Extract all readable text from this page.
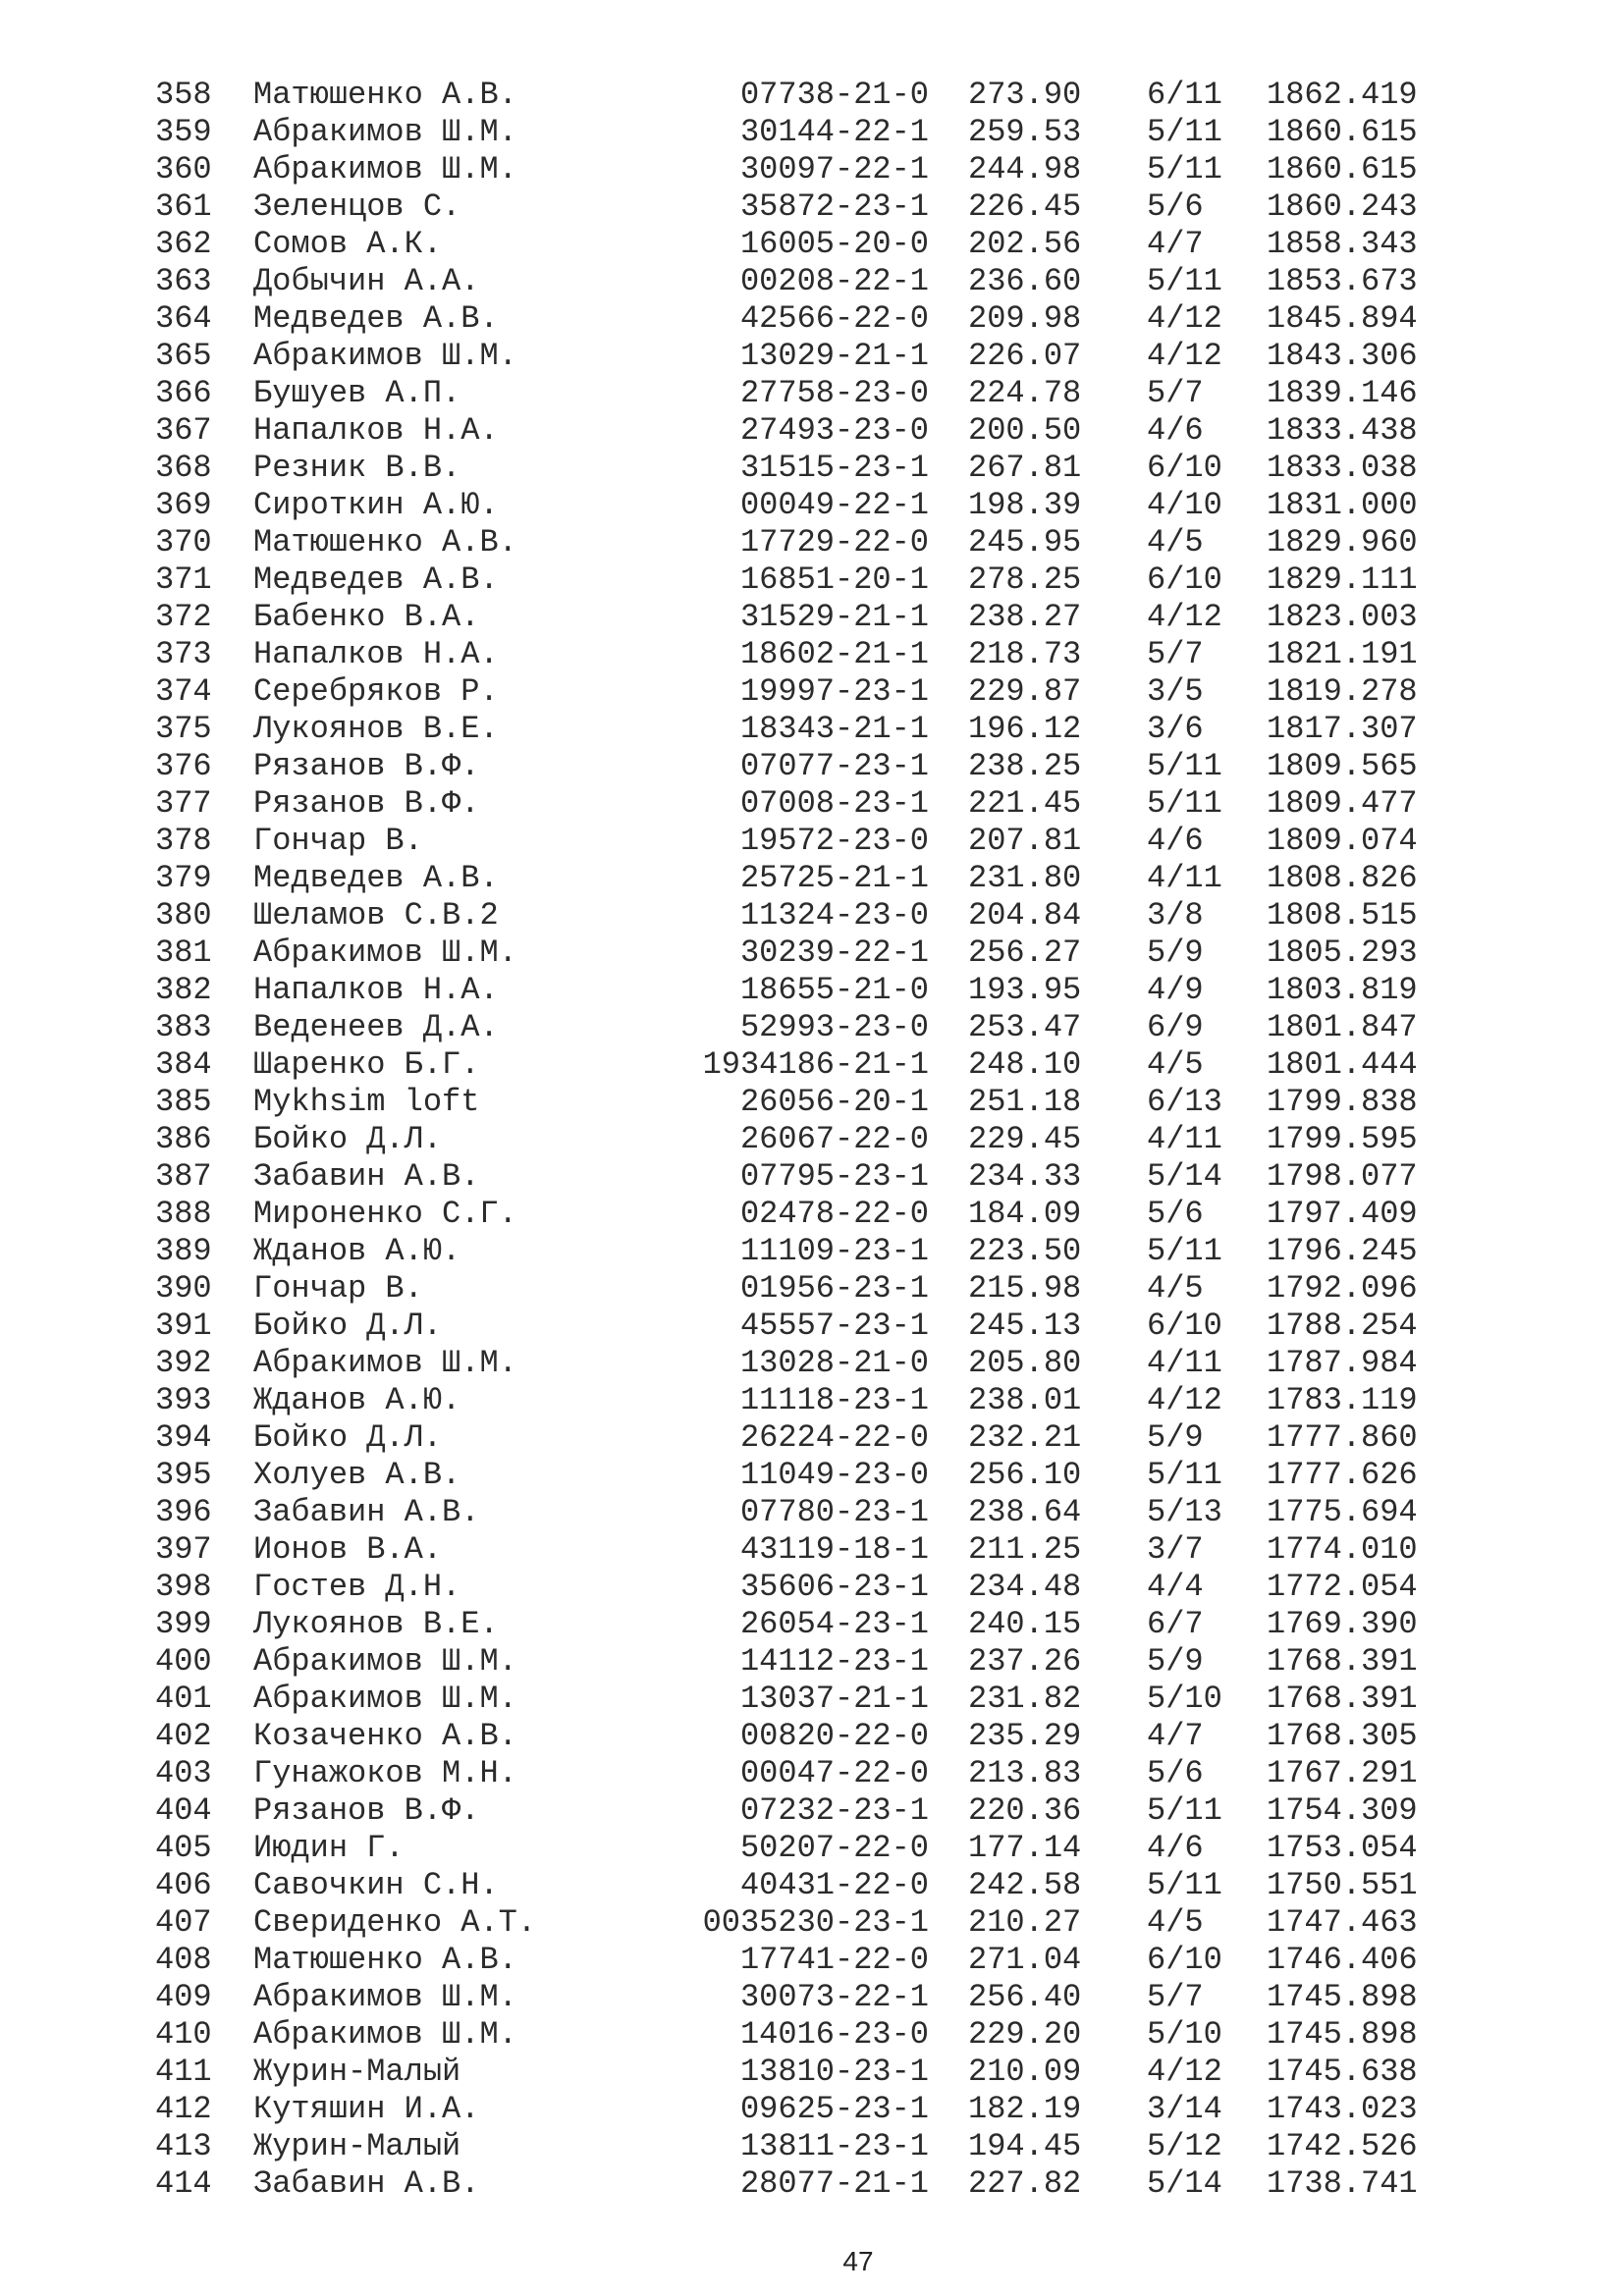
358 Матюшенко А.В.	07738-21-0 273.90 6/11 1862.419
359 Абракимов Ш.М.	30144-22-1 259.53 5/11 1860.615
360 Абракимов Ш.М.	30097-22-1 244.98 5/11 1860.615
361 Зеленцов С.	35872-23-1 226.45 5/6 1860.243
362 Сомов А.К.	16005-20-0 202.56 4/7 1858.343
363 Добычин А.А.	00208-22-1 236.60 5/11 1853.673
364 Медведев А.В.	42566-22-0 209.98 4/12 1845.894
365 Абракимов Ш.М.	13029-21-1 226.07 4/12 1843.306
366 Бушуев А.П.	27758-23-0 224.78 5/7 1839.146
367 Напалков Н.А.	27493-23-0 200.50 4/6 1833.438
368 Резник В.В.	31515-23-1 267.81 6/10 1833.038
369 Сироткин А.Ю.	00049-22-1 198.39 4/10 1831.000
370 Матюшенко А.В.	17729-22-0 245.95 4/5 1829.960
371 Медведев А.В.	16851-20-1 278.25 6/10 1829.111
372 Бабенко В.А.	31529-21-1 238.27 4/12 1823.003
373 Напалков Н.А.	18602-21-1 218.73 5/7 1821.191
374 Серебряков Р.	19997-23-1 229.87 3/5 1819.278
375 Лукоянов В.Е.	18343-21-1 196.12 3/6 1817.307
376 Рязанов В.Ф.	07077-23-1 238.25 5/11 1809.565
377 Рязанов В.Ф.	07008-23-1 221.45 5/11 1809.477
378 Гончар В.	19572-23-0 207.81 4/6 1809.074
379 Медведев А.В.	25725-21-1 231.80 4/11 1808.826
380 Шеламов С.В.2	11324-23-0 204.84 3/8 1808.515
381 Абракимов Ш.М.	30239-22-1 256.27 5/9 1805.293
382 Напалков Н.А.	18655-21-0 193.95 4/9 1803.819
383 Веденеев Д.А.	52993-23-0 253.47 6/9 1801.847
384 Шаренко Б.Г.	1934186-21-1 248.10 4/5 1801.444
385 Mykhsim loft	26056-20-1 251.18 6/13 1799.838
386 Бойко Д.Л.	26067-22-0 229.45 4/11 1799.595
387 Забавин А.В.	07795-23-1 234.33 5/14 1798.077
388 Мироненко С.Г.	02478-22-0 184.09 5/6 1797.409
389 Жданов А.Ю.	11109-23-1 223.50 5/11 1796.245
390 Гончар В.	01956-23-1 215.98 4/5 1792.096
391 Бойко Д.Л.	45557-23-1 245.13 6/10 1788.254
392 Абракимов Ш.М.	13028-21-0 205.80 4/11 1787.984
393 Жданов А.Ю.	11118-23-1 238.01 4/12 1783.119
394 Бойко Д.Л.	26224-22-0 232.21 5/9 1777.860
395 Холуев А.В.	11049-23-0 256.10 5/11 1777.626
396 Забавин А.В.	07780-23-1 238.64 5/13 1775.694
397 Ионов В.А.	43119-18-1 211.25 3/7 1774.010
398 Гостев Д.Н.	35606-23-1 234.48 4/4 1772.054
399 Лукоянов В.Е.	26054-23-1 240.15 6/7 1769.390
400 Абракимов Ш.М.	14112-23-1 237.26 5/9 1768.391
401 Абракимов Ш.М.	13037-21-1 231.82 5/10 1768.391
402 Козаченко А.В.	00820-22-0 235.29 4/7 1768.305
403 Гунажоков М.Н.	00047-22-0 213.83 5/6 1767.291
404 Рязанов В.Ф.	07232-23-1 220.36 5/11 1754.309
405 Июдин Г.	50207-22-0 177.14 4/6 1753.054
406 Савочкин С.Н.	40431-22-0 242.58 5/11 1750.551
407 Свериденко А.Т.	0035230-23-1 210.27 4/5 1747.463
408 Матюшенко А.В.	17741-22-0 271.04 6/10 1746.406
409 Абракимов Ш.М.	30073-22-1 256.40 5/7 1745.898
410 Абракимов Ш.М.	14016-23-0 229.20 5/10 1745.898
411 Журин-Малый	13810-23-1 210.09 4/12 1745.638
412 Кутяшин И.А.	09625-23-1 182.19 3/14 1743.023
413 Журин-Малый	13811-23-1 194.45 5/12 1742.526
414 Забавин А.В.	28077-21-1 227.82 5/14 1738.741
47
